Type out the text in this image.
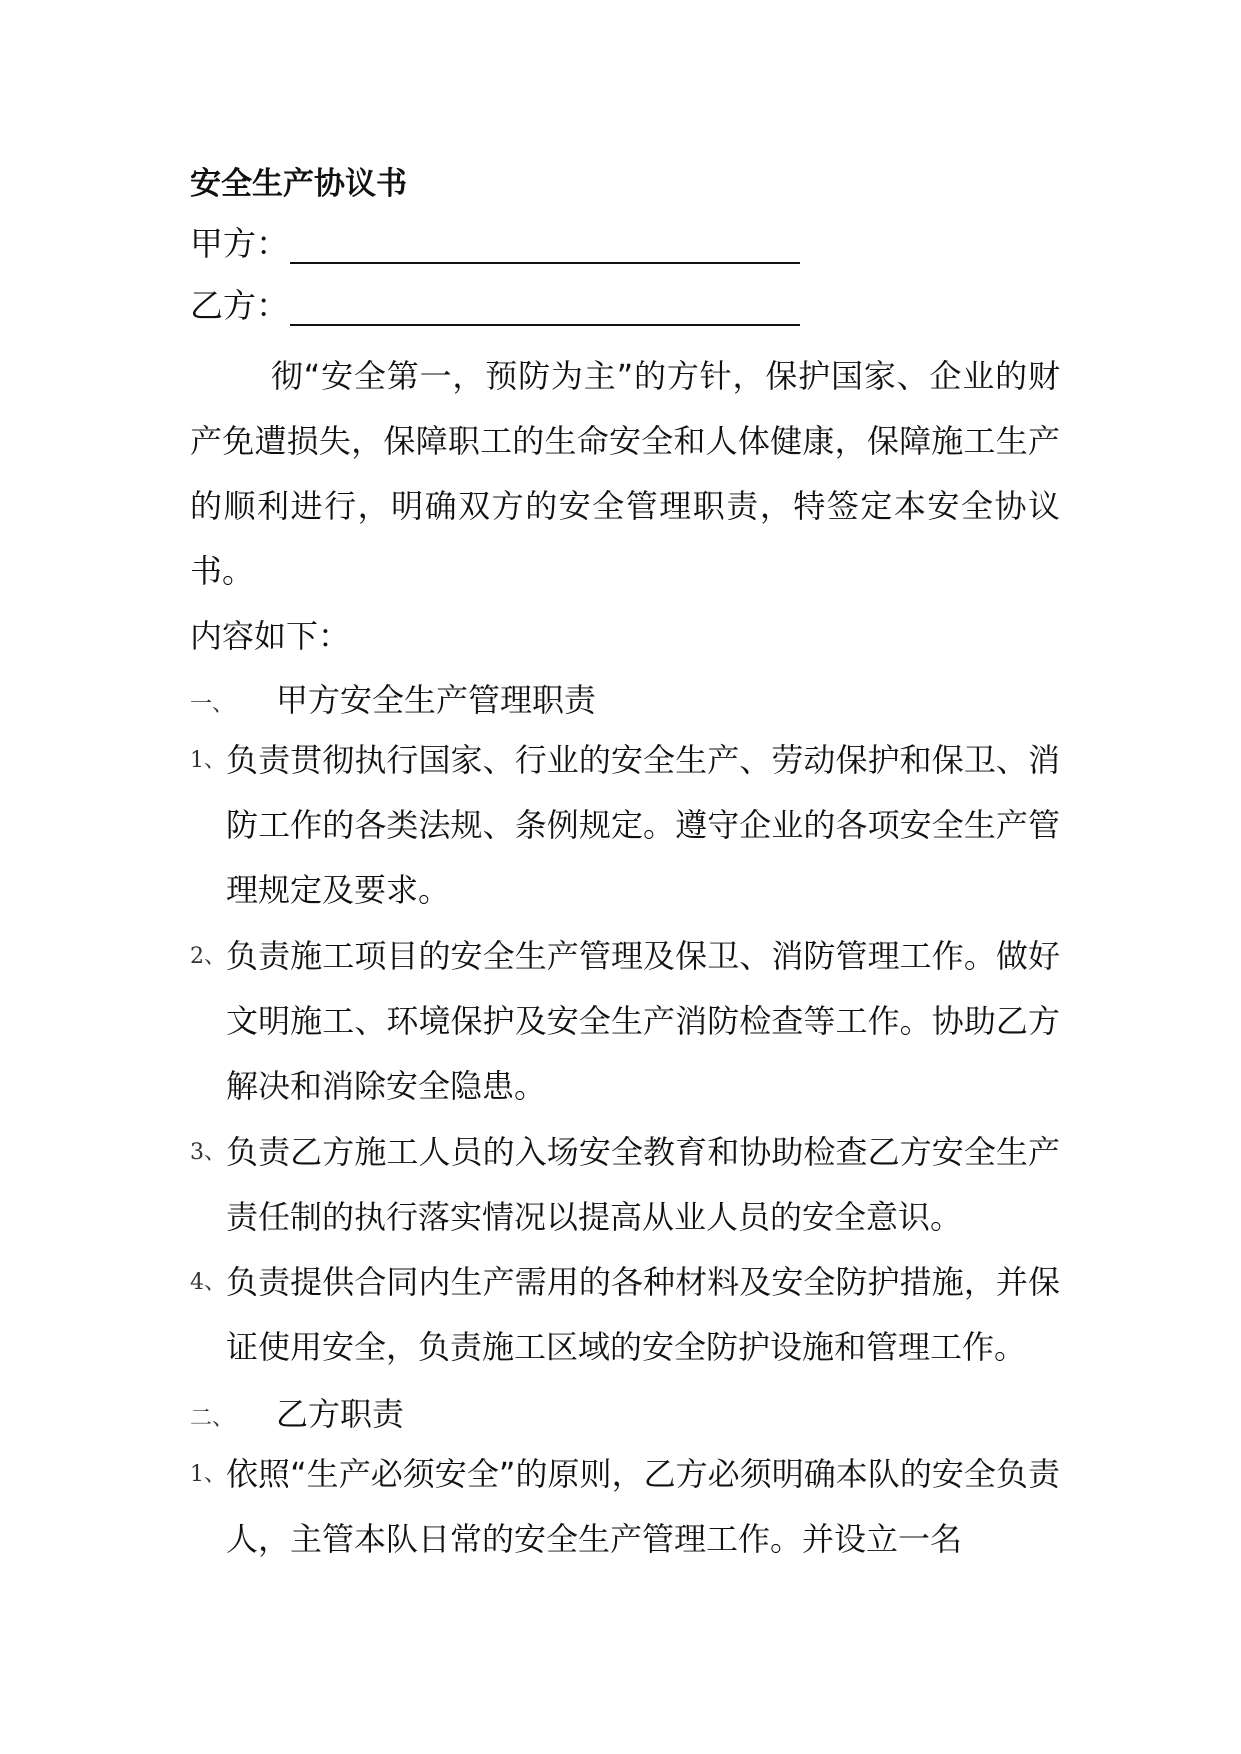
安全生产协议书
甲方：
乙方：
彻“安全第一，预防为主”的方针，保护国家、企业的财产免遭损失，保障职工的生命安全和人体健康，保障施工生产的顺利进行，明确双方的安全管理职责，特签定本安全协议书。
内容如下：
一、 甲方安全生产管理职责
1、 负责贯彻执行国家、行业的安全生产、劳动保护和保卫、消防工作的各类法规、条例规定。遵守企业的各项安全生产管理规定及要求。
2、 负责施工项目的安全生产管理及保卫、消防管理工作。做好文明施工、环境保护及安全生产消防检查等工作。协助乙方解决和消除安全隐患。
3、 负责乙方施工人员的入场安全教育和协助检查乙方安全生产责任制的执行落实情况以提高从业人员的安全意识。
4、 负责提供合同内生产需用的各种材料及安全防护措施，并保证使用安全，负责施工区域的安全防护设施和管理工作。
二、 乙方职责
1、 依照“生产必须安全”的原则，乙方必须明确本队的安全负责人，主管本队日常的安全生产管理工作。并设立一名
